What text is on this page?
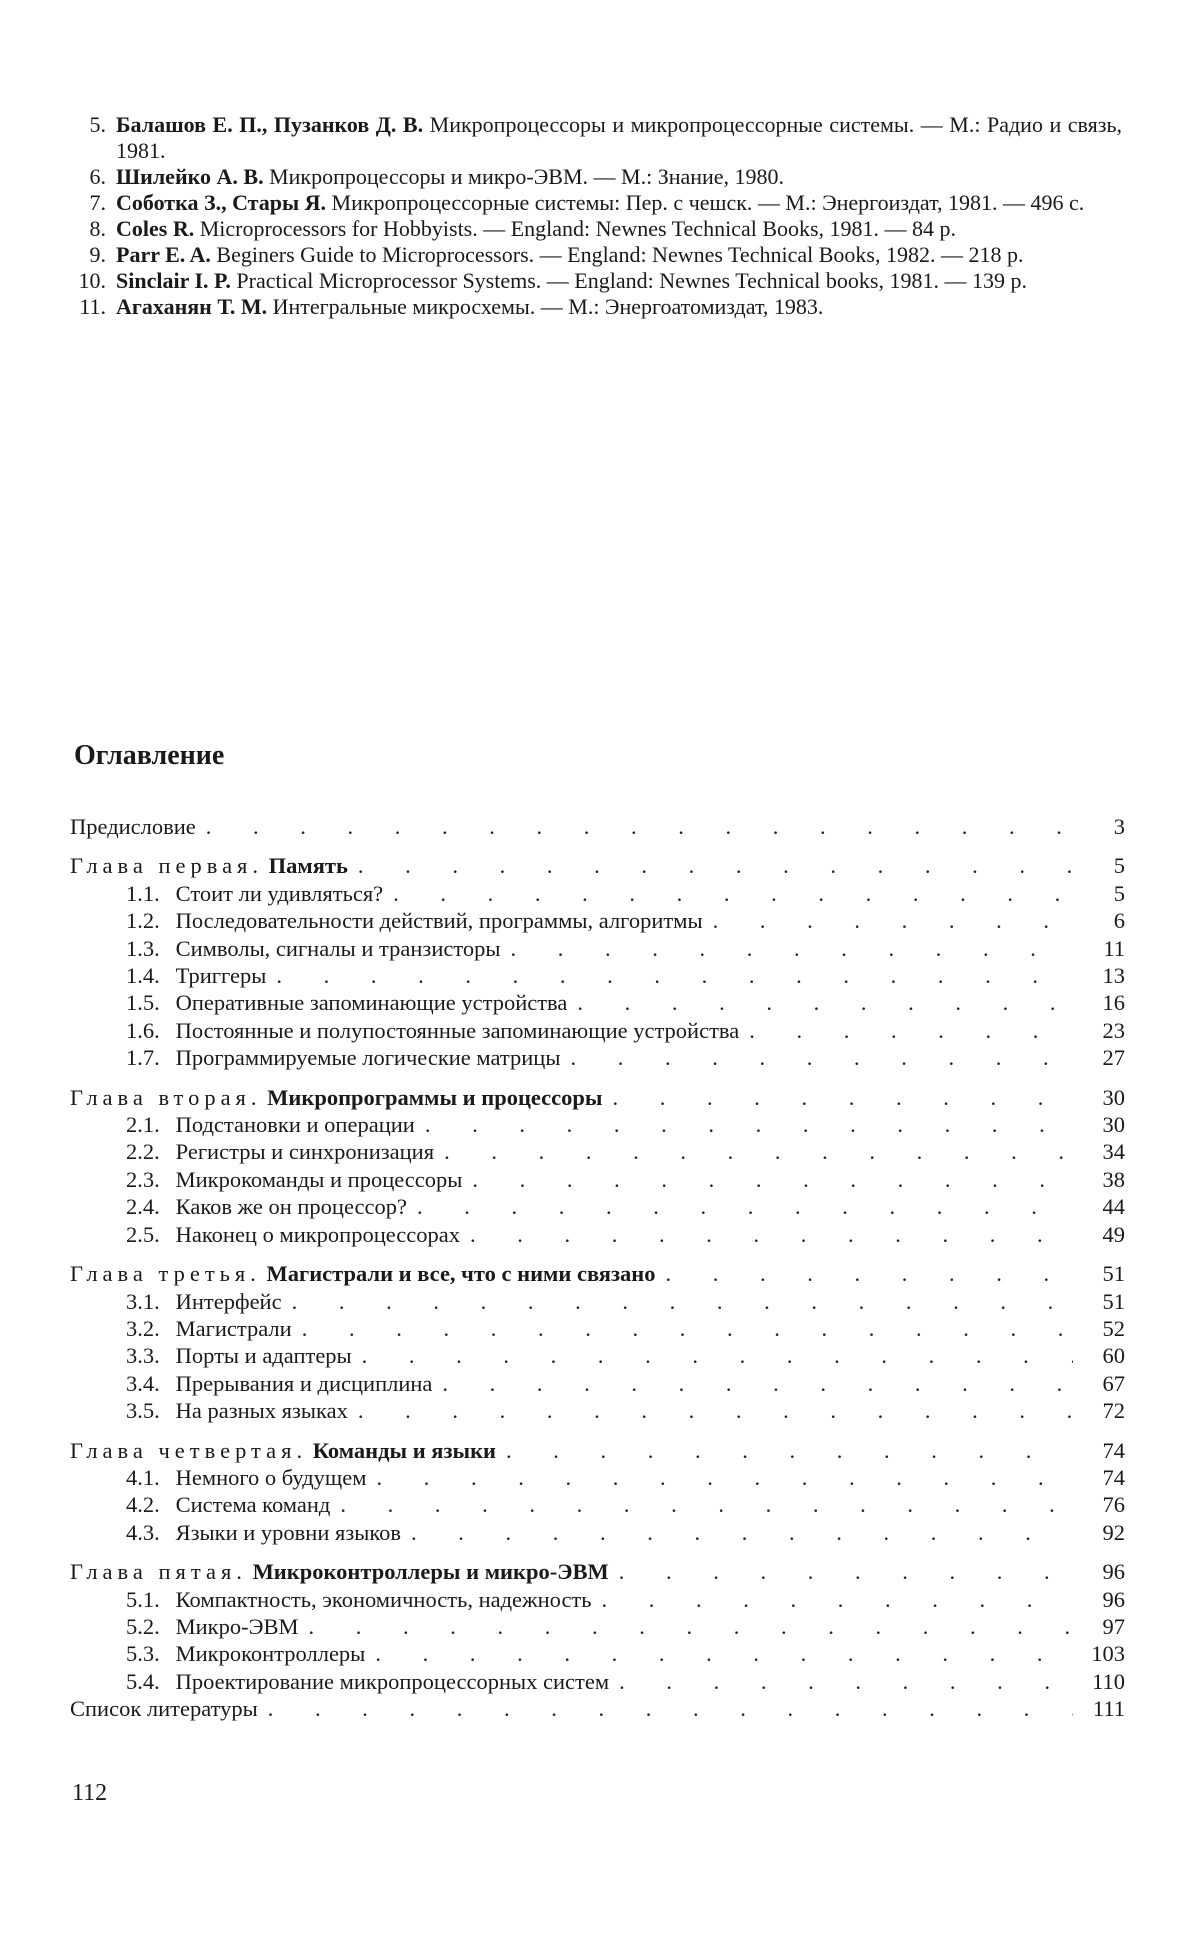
5. Балашов Е. П., Пузанков Д. В. Микропроцессоры и микропроцессорные системы. — М.: Радио и связь, 1981.
6. Шилейко А. В. Микропроцессоры и микро-ЭВМ. — М.: Знание, 1980.
7. Соботка З., Стары Я. Микропроцессорные системы: Пер. с чешск. — М.: Энергоиздат, 1981. — 496 с.
8. Coles R. Microprocessors for Hobbyists. — England: Newnes Technical Books, 1981. — 84 p.
9. Parr E. A. Beginers Guide to Microprocessors. — England: Newnes Technical Books, 1982. — 218 p.
10. Sinclair I. P. Practical Microprocessor Systems. — England: Newnes Technical books, 1981. — 139 p.
11. Агаханян Т. М. Интегральные микросхемы. — М.: Энергоатомиздат, 1983.
Оглавление
Предисловие . . .	3
Глава первая. Память . . .	5
1.1. Стоит ли удивляться? . . .	5
1.2. Последовательности действий, программы, алгоритмы . . .	6
1.3. Символы, сигналы и транзисторы . . .	11
1.4. Триггеры . . .	13
1.5. Оперативные запоминающие устройства . . .	16
1.6. Постоянные и полупостоянные запоминающие устройства . . .	23
1.7. Программируемые логические матрицы . . .	27
Глава вторая. Микропрограммы и процессоры . . .	30
2.1. Подстановки и операции . . .	30
2.2. Регистры и синхронизация . . .	34
2.3. Микрокоманды и процессоры . . .	38
2.4. Каков же он процессор? . . .	44
2.5. Наконец о микропроцессорах . . .	49
Глава третья. Магистрали и все, что с ними связано . . .	51
3.1. Интерфейс . . .	51
3.2. Магистрали . . .	52
3.3. Порты и адаптеры . . .	60
3.4. Прерывания и дисциплина . . .	67
3.5. На разных языках . . .	72
Глава четвертая. Команды и языки . . .	74
4.1. Немного о будущем . . .	74
4.2. Система команд . . .	76
4.3. Языки и уровни языков . . .	92
Глава пятая. Микроконтроллеры и микро-ЭВМ . . .	96
5.1. Компактность, экономичность, надежность . . .	96
5.2. Микро-ЭВМ . . .	97
5.3. Микроконтроллеры . . .	103
5.4. Проектирование микропроцессорных систем . . .	110
Список литературы . . .	111
112
